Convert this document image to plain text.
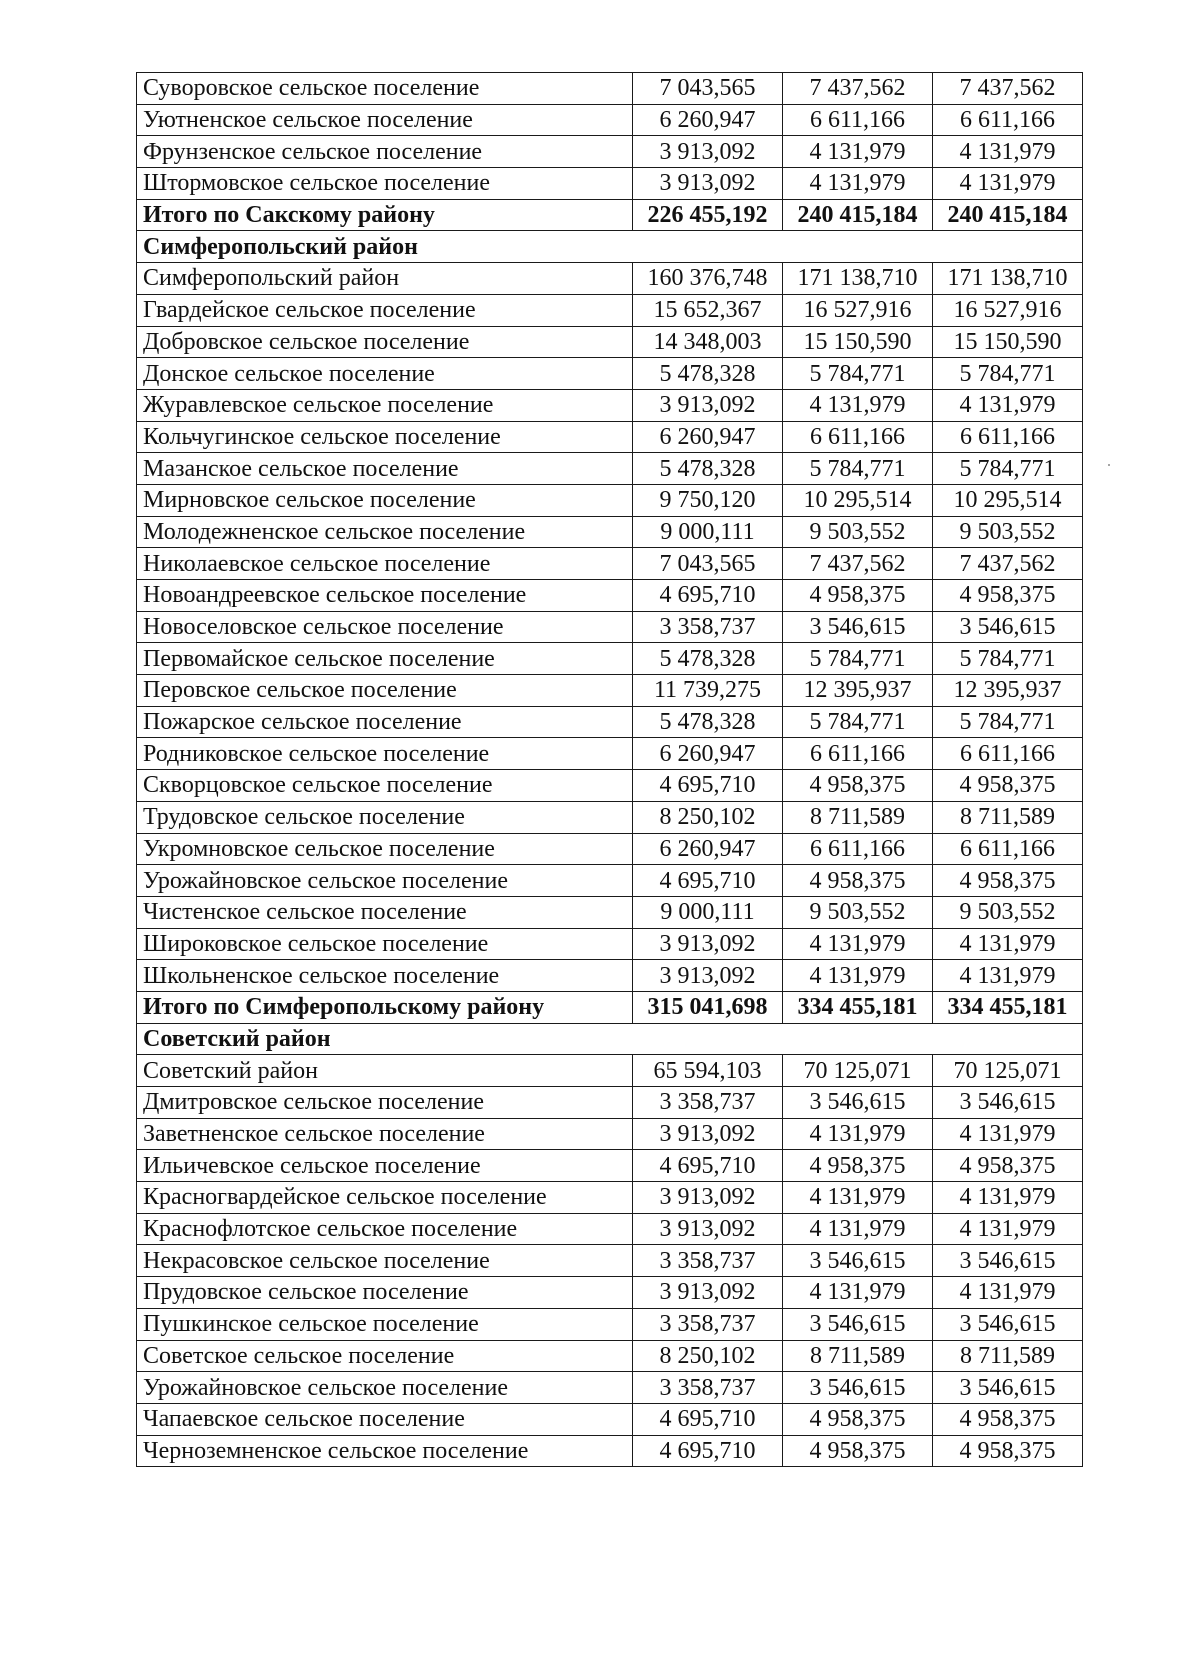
Суворовское сельское поселение	7 043,565	7 437,562	7 437,562
Уютненское сельское поселение	6 260,947	6 611,166	6 611,166
Фрунзенское сельское поселение	3 913,092	4 131,979	4 131,979
Штормовское сельское поселение	3 913,092	4 131,979	4 131,979
Итого по Сакскому району	226 455,192	240 415,184	240 415,184
Симферопольский район			
Симферопольский район	160 376,748	171 138,710	171 138,710
Гвардейское сельское поселение	15 652,367	16 527,916	16 527,916
Добровское сельское поселение	14 348,003	15 150,590	15 150,590
Донское сельское поселение	5 478,328	5 784,771	5 784,771
Журавлевское сельское поселение	3 913,092	4 131,979	4 131,979
Кольчугинское сельское поселение	6 260,947	6 611,166	6 611,166
Мазанское сельское поселение	5 478,328	5 784,771	5 784,771
Мирновское сельское поселение	9 750,120	10 295,514	10 295,514
Молодежненское сельское поселение	9 000,111	9 503,552	9 503,552
Николаевское сельское поселение	7 043,565	7 437,562	7 437,562
Новоандреевское сельское поселение	4 695,710	4 958,375	4 958,375
Новоселовское сельское поселение	3 358,737	3 546,615	3 546,615
Первомайское сельское поселение	5 478,328	5 784,771	5 784,771
Перовское сельское поселение	11 739,275	12 395,937	12 395,937
Пожарское сельское поселение	5 478,328	5 784,771	5 784,771
Родниковское сельское поселение	6 260,947	6 611,166	6 611,166
Скворцовское сельское поселение	4 695,710	4 958,375	4 958,375
Трудовское сельское поселение	8 250,102	8 711,589	8 711,589
Укромновское сельское поселение	6 260,947	6 611,166	6 611,166
Урожайновское сельское поселение	4 695,710	4 958,375	4 958,375
Чистенское сельское поселение	9 000,111	9 503,552	9 503,552
Широковское сельское поселение	3 913,092	4 131,979	4 131,979
Школьненское сельское поселение	3 913,092	4 131,979	4 131,979
Итого по Симферопольскому району	315 041,698	334 455,181	334 455,181
Советский район			
Советский район	65 594,103	70 125,071	70 125,071
Дмитровское сельское поселение	3 358,737	3 546,615	3 546,615
Заветненское сельское поселение	3 913,092	4 131,979	4 131,979
Ильичевское сельское поселение	4 695,710	4 958,375	4 958,375
Красногвардейское сельское поселение	3 913,092	4 131,979	4 131,979
Краснофлотское сельское поселение	3 913,092	4 131,979	4 131,979
Некрасовское сельское поселение	3 358,737	3 546,615	3 546,615
Прудовское сельское поселение	3 913,092	4 131,979	4 131,979
Пушкинское сельское поселение	3 358,737	3 546,615	3 546,615
Советское сельское поселение	8 250,102	8 711,589	8 711,589
Урожайновское сельское поселение	3 358,737	3 546,615	3 546,615
Чапаевское сельское поселение	4 695,710	4 958,375	4 958,375
Черноземненское сельское поселение	4 695,710	4 958,375	4 958,375
